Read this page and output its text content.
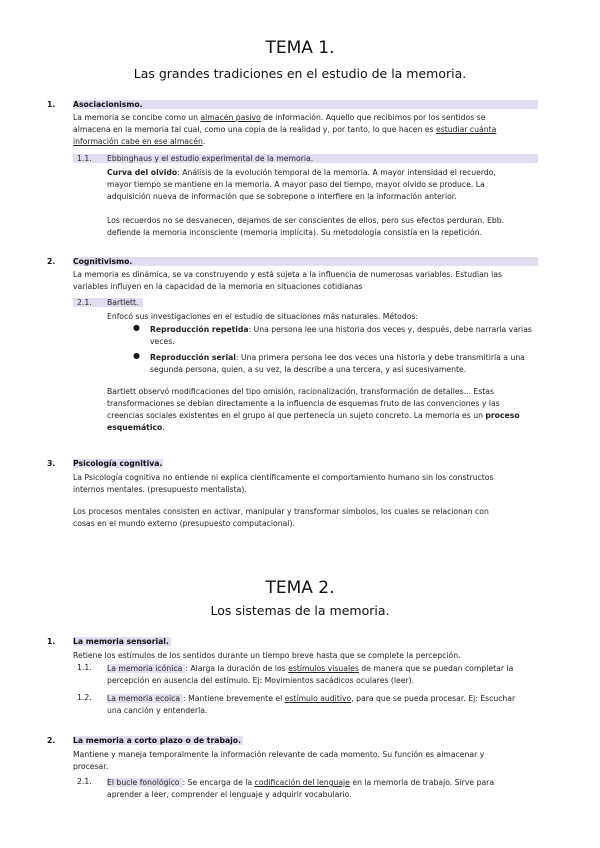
TEMA 1.
Las grandes tradiciones en el estudio de la memoria.
1. Asociacionismo.
La memoria se concibe como un almacén pasivo de información. Aquello que recibimos por los sentidos se
almacena en la memoria tal cual, como una copia de la realidad y, por tanto, lo que hacen es estudiar cuánta
información cabe en ese almacén.
1.1. Ebbinghaus y el estudio experimental de la memoria.
Curva del olvido: Análisis de la evolución temporal de la memoria. A mayor intensidad el recuerdo,
mayor tiempo se mantiene en la memoria. A mayor paso del tiempo, mayor olvido se produce. La
adquisición nueva de información que se sobrepone o interfiere en la información anterior.
Los recuerdos no se desvanecen, dejamos de ser conscientes de ellos, pero sus efectos perduran. Ebb.
defiende la memoria inconsciente (memoria implícita). Su metodología consistía en la repetición.
2. Cognitivismo.
La memoria es dinámica, se va construyendo y está sujeta a la influencia de numerosas variables. Estudian las
variables influyen en la capacidad de la memoria en situaciones cotidianas
2.1. Bartlett.
Enfocó sus investigaciones en el estudio de situaciones más naturales. Métodos:
● Reproducción repetida: Una persona lee una historia dos veces y, después, debe narrarla varias
veces.
● Reproducción serial: Una primera persona lee dos veces una historia y debe transmitirla a una
segunda persona, quien, a su vez, la describe a una tercera, y así sucesivamente.
Bartlett observó modificaciones del tipo omisión, racionalización, transformación de detalles... Estas
transformaciones se debían directamente a la influencia de esquemas fruto de las convenciones y las
creencias sociales existentes en el grupo al que pertenecía un sujeto concreto. La memoria es un proceso
esquemático.
3. Psicología cognitiva.
La Psicología cognitiva no entiende ni explica científicamente el comportamiento humano sin los constructos
internos mentales. (presupuesto mentalista).
Los procesos mentales consisten en activar, manipular y transformar símbolos, los cuales se relacionan con
cosas en el mundo externo (presupuesto computacional).
TEMA 2.
Los sistemas de la memoria.
1. La memoria sensorial.
Retiene los estímulos de los sentidos durante un tiempo breve hasta que se complete la percepción.
1.1. La memoria icónica : Alarga la duración de los estímulos visuales de manera que se puedan completar la
percepción en ausencia del estímulo. Ej: Movimientos sacádicos oculares (leer).
1.2. La memoria ecoica : Mantiene brevemente el estímulo auditivo, para que se pueda procesar. Ej: Escuchar
una canción y entenderla.
2. La memoria a corto plazo o de trabajo.
Mantiene y maneja temporalmente la información relevante de cada momento. Su función es almacenar y
procesar.
2.1. El bucle fonológico : Se encarga de la codificación del lenguaje en la memoria de trabajo. Sirve para
aprender a leer, comprender el lenguaje y adquirir vocabulario.
